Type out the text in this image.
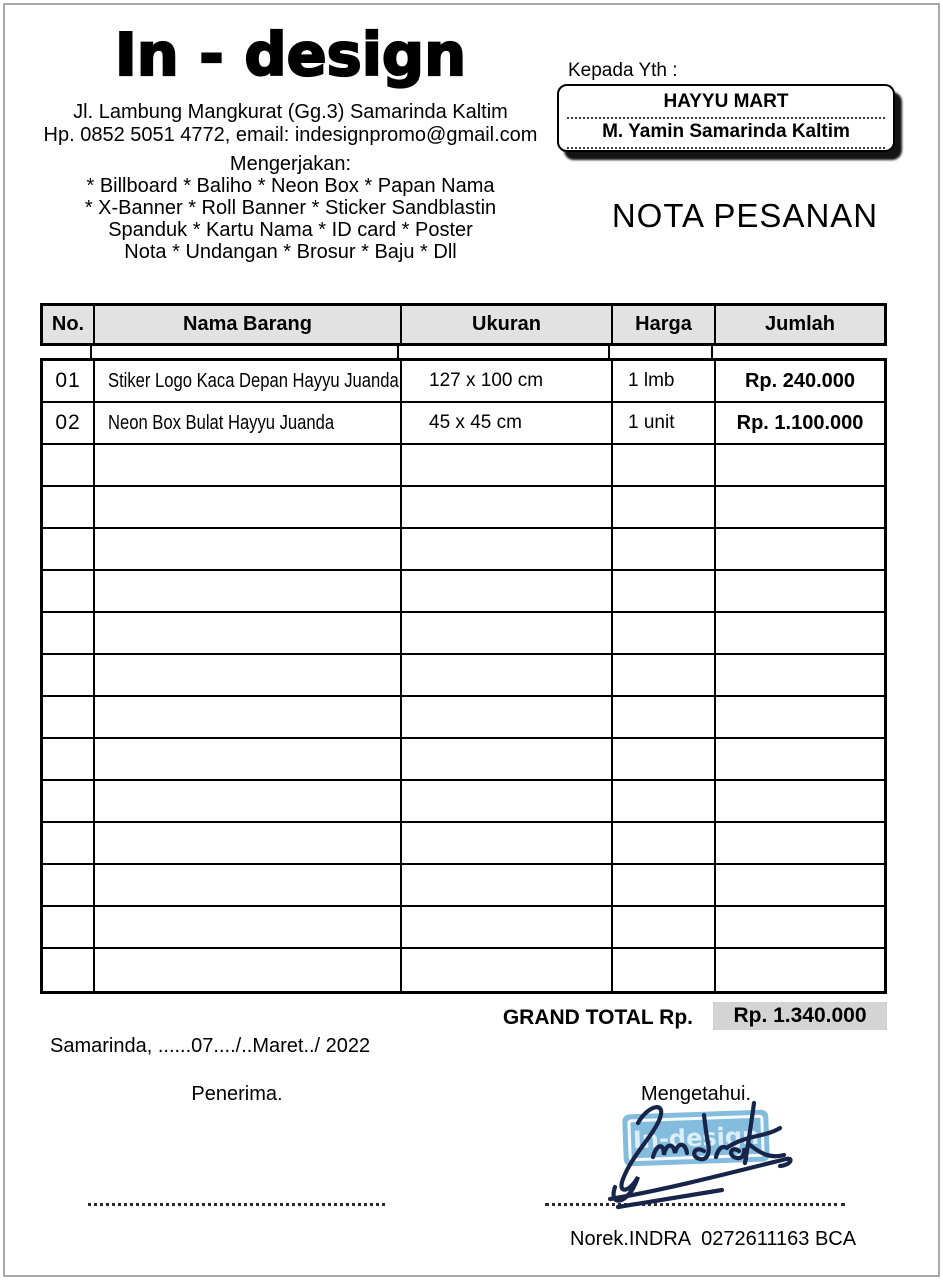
In - design
Jl. Lambung Mangkurat (Gg.3) Samarinda Kaltim
Hp. 0852 5051 4772, email: indesignpromo@gmail.com
Mengerjakan:
* Billboard * Baliho * Neon Box * Papan Nama
* X-Banner * Roll Banner * Sticker Sandblastin
Spanduk * Kartu Nama * ID card * Poster
Nota * Undangan * Brosur * Baju * Dll
Kepada Yth :
HAYYU MART
M. Yamin Samarinda Kaltim
NOTA PESANAN
No.	Nama Barang	Ukuran	Harga	Jumlah
01	Stiker Logo Kaca Depan Hayyu Juanda	127 x 100 cm	1 lmb	Rp. 240.000
02	Neon Box Bulat Hayyu Juanda	45 x 45 cm	1 unit	Rp. 1.100.000
GRAND TOTAL Rp.	Rp. 1.340.000
Samarinda, ......07..../..Maret../ 2022
Penerima.	Mengetahui.
In-design
Norek.INDRA  0272611163 BCA
